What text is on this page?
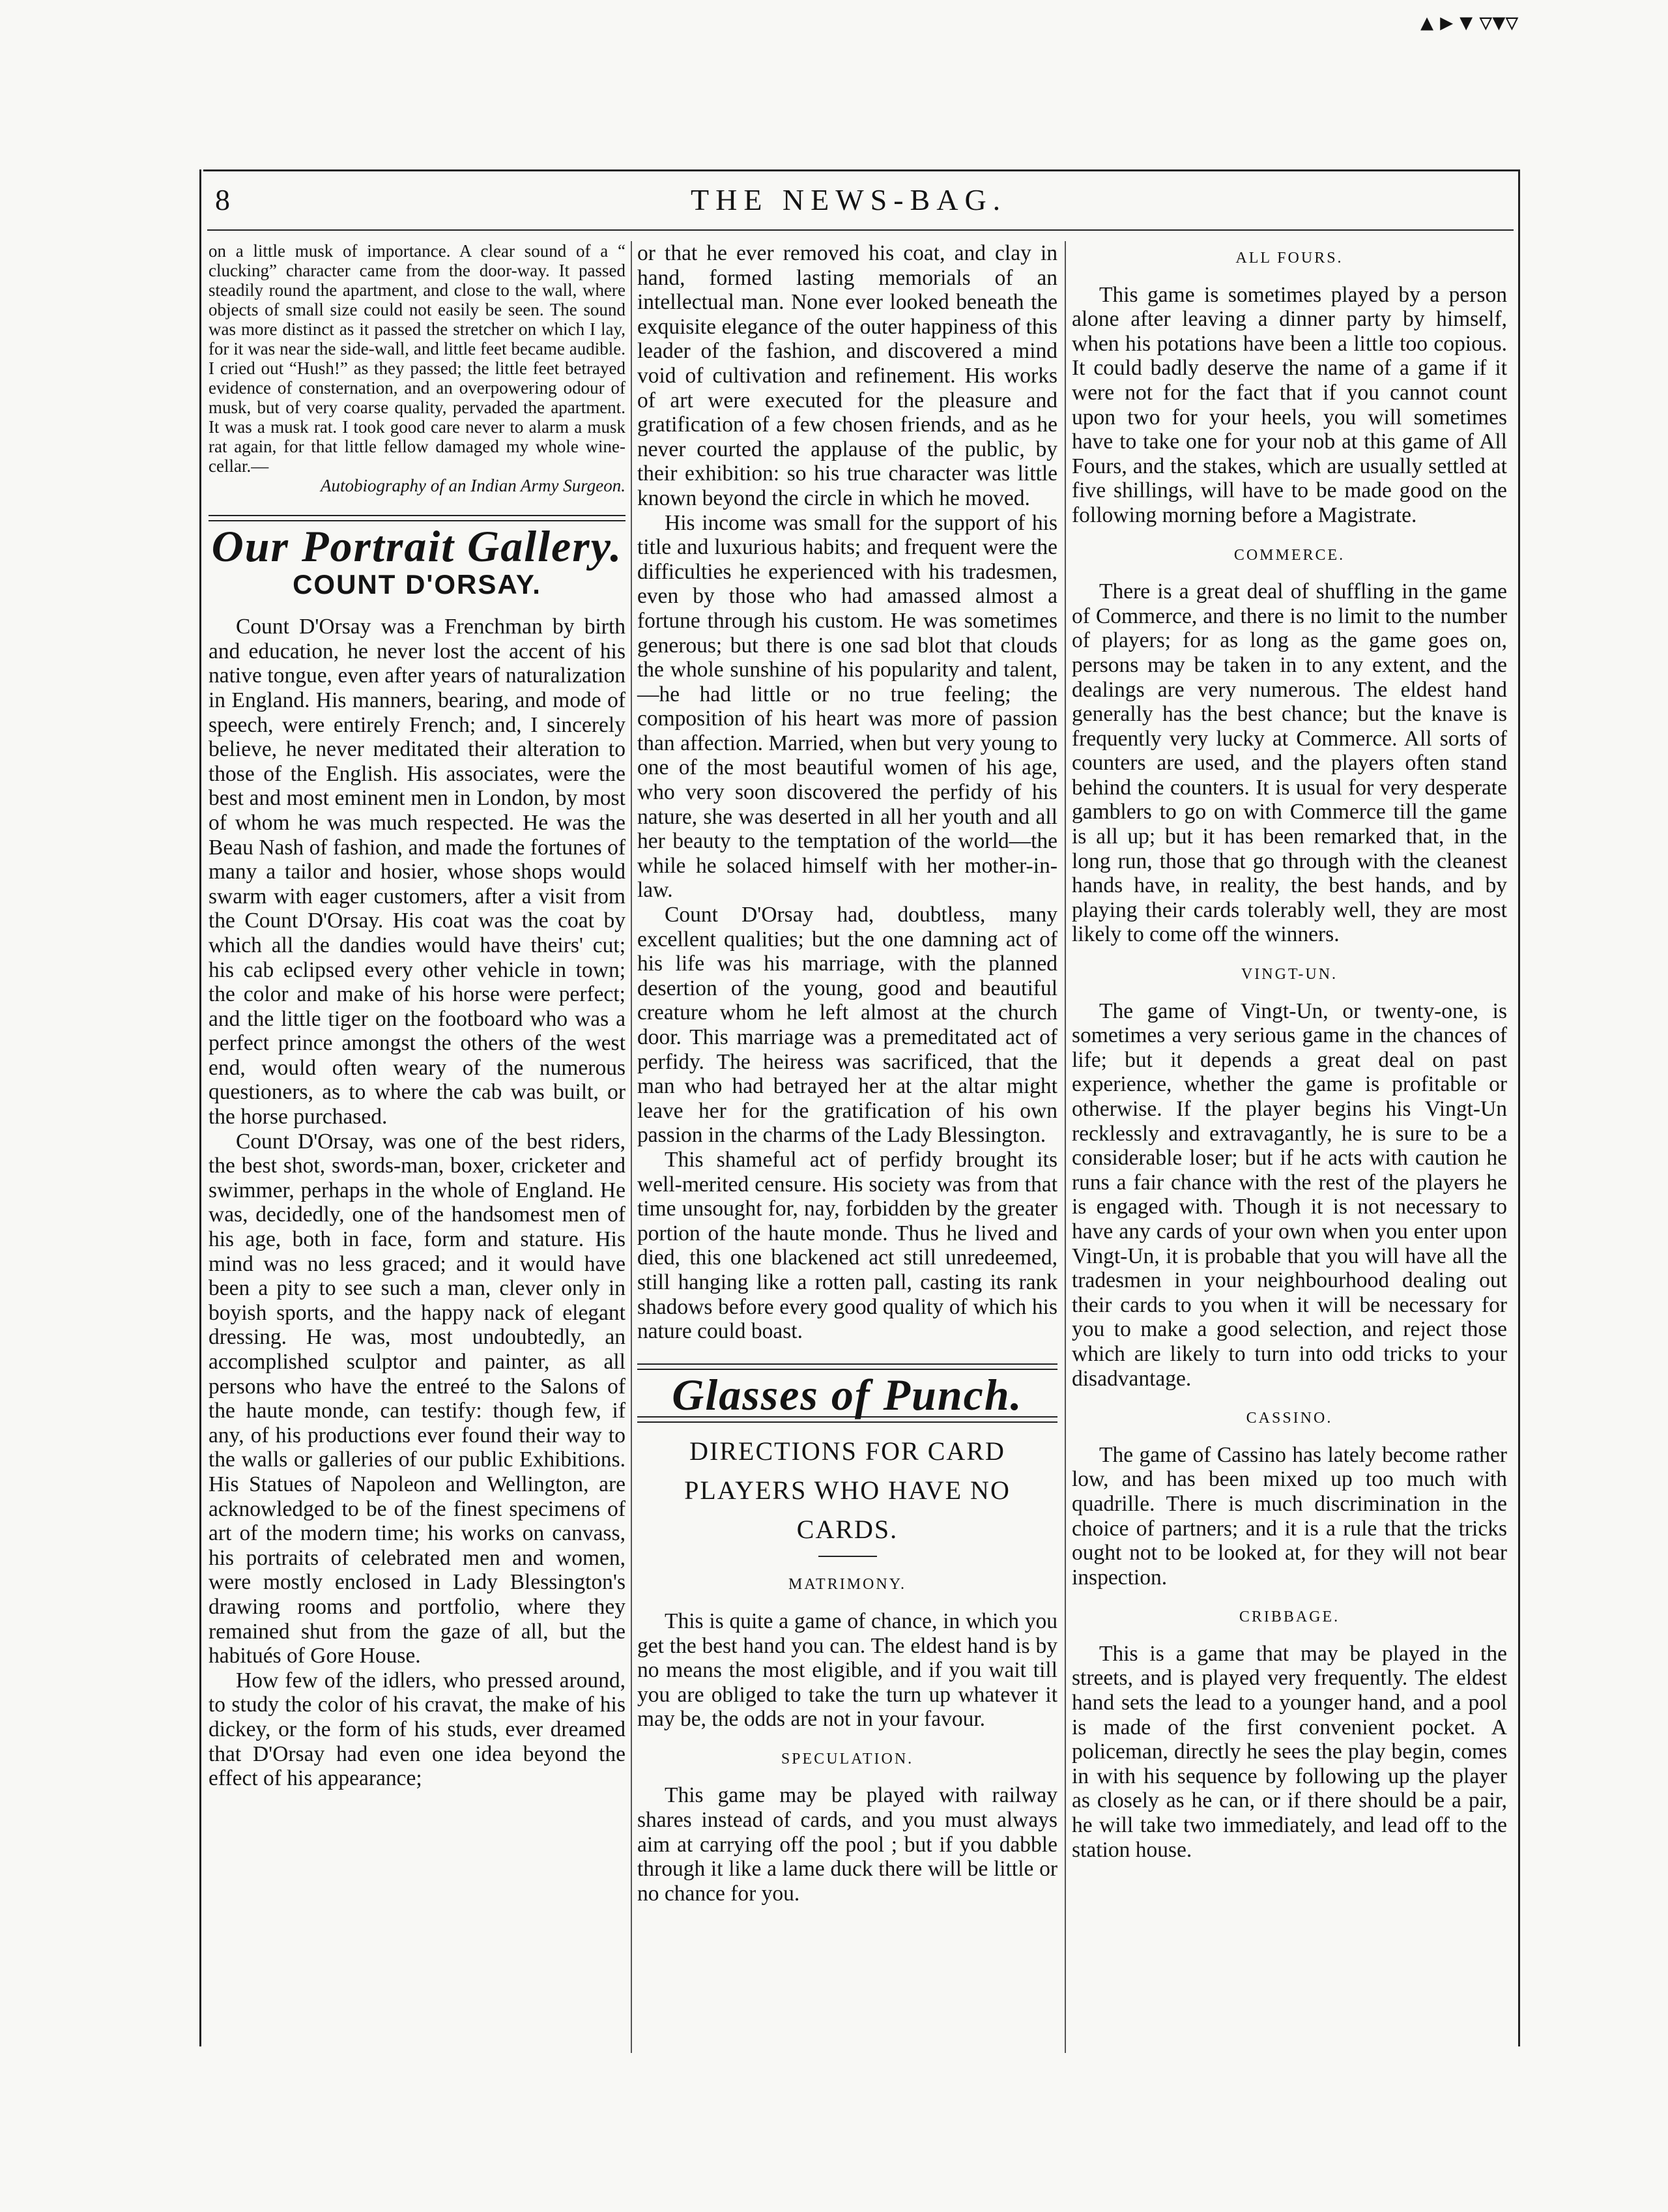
▴ ▸ ▾ ▿▾▿
8	THE NEWS-BAG.

on a little musk of importance. A clear sound of a “ clucking” character came from the door-way. It passed steadily round the apartment, and close to the wall, where objects of small size could not easily be seen. The sound was more distinct as it passed the stretcher on which I lay, for it was near the side-wall, and little feet became audible. I cried out “Hush!” as they passed; the little feet betrayed evidence of consternation, and an overpowering odour of musk, but of very coarse quality, pervaded the apartment. It was a musk rat. I took good care never to alarm a musk rat again, for that little fellow damaged my whole wine-cellar.—

Autobiography of an Indian Army Surgeon.

Our Portrait Gallery.
COUNT D'ORSAY.

Count D'Orsay was a Frenchman by birth and education, he never lost the accent of his native tongue, even after years of naturalization in England. His manners, bearing, and mode of speech, were entirely French; and, I sincerely believe, he never meditated their alteration to those of the English. His associates, were the best and most eminent men in London, by most of whom he was much respected. He was the Beau Nash of fashion, and made the fortunes of many a tailor and hosier, whose shops would swarm with eager customers, after a visit from the Count D'Orsay. His coat was the coat by which all the dandies would have theirs' cut; his cab eclipsed every other vehicle in town; the color and make of his horse were perfect; and the little tiger on the footboard who was a perfect prince amongst the others of the west end, would often weary of the numerous questioners, as to where the cab was built, or the horse purchased.

Count D'Orsay, was one of the best riders, the best shot, swords-man, boxer, cricketer and swimmer, perhaps in the whole of England. He was, decidedly, one of the handsomest men of his age, both in face, form and stature. His mind was no less graced; and it would have been a pity to see such a man, clever only in boyish sports, and the happy nack of elegant dressing. He was, most undoubtedly, an accomplished sculptor and painter, as all persons who have the entreé to the Salons of the haute monde, can testify: though few, if any, of his productions ever found their way to the walls or galleries of our public Exhibitions. His Statues of Napoleon and Wellington, are acknowledged to be of the finest specimens of art of the modern time; his works on canvass, his portraits of celebrated men and women, were mostly enclosed in Lady Blessington's drawing rooms and portfolio, where they remained shut from the gaze of all, but the habitués of Gore House.

How few of the idlers, who pressed around, to study the color of his cravat, the make of his dickey, or the form of his studs, ever dreamed that D'Orsay had even one idea beyond the effect of his appearance;

or that he ever removed his coat, and clay in hand, formed lasting memorials of an intellectual man. None ever looked beneath the exquisite elegance of the outer happiness of this leader of the fashion, and discovered a mind void of cultivation and refinement. His works of art were executed for the pleasure and gratification of a few chosen friends, and as he never courted the applause of the public, by their exhibition: so his true character was little known beyond the circle in which he moved.

His income was small for the support of his title and luxurious habits; and frequent were the difficulties he experienced with his tradesmen, even by those who had amassed almost a fortune through his custom. He was sometimes generous; but there is one sad blot that clouds the whole sunshine of his popularity and talent,—he had little or no true feeling; the composition of his heart was more of passion than affection. Married, when but very young to one of the most beautiful women of his age, who very soon discovered the perfidy of his nature, she was deserted in all her youth and all her beauty to the temptation of the world—the while he solaced himself with her mother-in-law.

Count D'Orsay had, doubtless, many excellent qualities; but the one damning act of his life was his marriage, with the planned desertion of the young, good and beautiful creature whom he left almost at the church door. This marriage was a premeditated act of perfidy. The heiress was sacrificed, that the man who had betrayed her at the altar might leave her for the gratification of his own passion in the charms of the Lady Blessington.

This shameful act of perfidy brought its well-merited censure. His society was from that time unsought for, nay, forbidden by the greater portion of the haute monde. Thus he lived and died, this one blackened act still unredeemed, still hanging like a rotten pall, casting its rank shadows before every good quality of which his nature could boast.

Glasses of Punch.
DIRECTIONS FOR CARD PLAYERS WHO HAVE NO CARDS.
MATRIMONY.

This is quite a game of chance, in which you get the best hand you can. The eldest hand is by no means the most eligible, and if you wait till you are obliged to take the turn up whatever it may be, the odds are not in your favour.

SPECULATION.

This game may be played with railway shares instead of cards, and you must always aim at carrying off the pool ; but if you dabble through it like a lame duck there will be little or no chance for you.

ALL FOURS.

This game is sometimes played by a person alone after leaving a dinner party by himself, when his potations have been a little too copious. It could badly deserve the name of a game if it were not for the fact that if you cannot count upon two for your heels, you will sometimes have to take one for your nob at this game of All Fours, and the stakes, which are usually settled at five shillings, will have to be made good on the following morning before a Magistrate.

COMMERCE.

There is a great deal of shuffling in the game of Commerce, and there is no limit to the number of players; for as long as the game goes on, persons may be taken in to any extent, and the dealings are very numerous. The eldest hand generally has the best chance; but the knave is frequently very lucky at Commerce. All sorts of counters are used, and the players often stand behind the counters. It is usual for very desperate gamblers to go on with Commerce till the game is all up; but it has been remarked that, in the long run, those that go through with the cleanest hands have, in reality, the best hands, and by playing their cards tolerably well, they are most likely to come off the winners.

VINGT-UN.

The game of Vingt-Un, or twenty-one, is sometimes a very serious game in the chances of life; but it depends a great deal on past experience, whether the game is profitable or otherwise. If the player begins his Vingt-Un recklessly and extravagantly, he is sure to be a considerable loser; but if he acts with caution he runs a fair chance with the rest of the players he is engaged with. Though it is not necessary to have any cards of your own when you enter upon Vingt-Un, it is probable that you will have all the tradesmen in your neighbourhood dealing out their cards to you when it will be necessary for you to make a good selection, and reject those which are likely to turn into odd tricks to your disadvantage.

CASSINO.

The game of Cassino has lately become rather low, and has been mixed up too much with quadrille. There is much discrimination in the choice of partners; and it is a rule that the tricks ought not to be looked at, for they will not bear inspection.

CRIBBAGE.

This is a game that may be played in the streets, and is played very frequently. The eldest hand sets the lead to a younger hand, and a pool is made of the first convenient pocket. A policeman, directly he sees the play begin, comes in with his sequence by following up the player as closely as he can, or if there should be a pair, he will take two immediately, and lead off to the station house.
